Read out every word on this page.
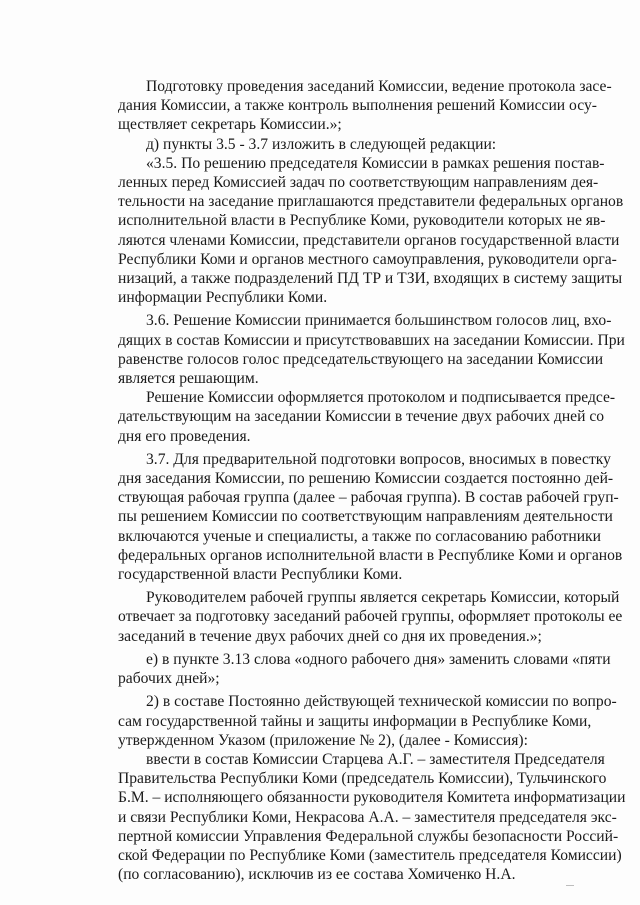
Подготовку проведения заседаний Комиссии, ведение протокола засе-
дания Комиссии, а также контроль выполнения решений Комиссии осу-
ществляет секретарь Комиссии.»;
д) пункты 3.5 - 3.7 изложить в следующей редакции:
«3.5. По решению председателя Комиссии в рамках решения постав-
ленных перед Комиссией задач по соответствующим направлениям дея-
тельности на заседание приглашаются представители федеральных органов
исполнительной власти в Республике Коми, руководители которых не яв-
ляются членами Комиссии, представители органов государственной власти
Республики Коми и органов местного самоуправления, руководители орга-
низаций, а также подразделений ПД ТР и ТЗИ, входящих в систему защиты
информации Республики Коми.
3.6. Решение Комиссии принимается большинством голосов лиц, вхо-
дящих в состав Комиссии и присутствовавших на заседании Комиссии. При
равенстве голосов голос председательствующего на заседании Комиссии
является решающим.
Решение Комиссии оформляется протоколом и подписывается предсе-
дательствующим на заседании Комиссии в течение двух рабочих дней со
дня его проведения.
3.7. Для предварительной подготовки вопросов, вносимых в повестку
дня заседания Комиссии, по решению Комиссии создается постоянно дей-
ствующая рабочая группа (далее – рабочая группа). В состав рабочей груп-
пы решением Комиссии по соответствующим направлениям деятельности
включаются ученые и специалисты, а также по согласованию работники
федеральных органов исполнительной власти в Республике Коми и органов
государственной власти Республики Коми.
Руководителем рабочей группы является секретарь Комиссии, который
отвечает за подготовку заседаний рабочей группы, оформляет протоколы ее
заседаний в течение двух рабочих дней со дня их проведения.»;
е) в пункте 3.13 слова «одного рабочего дня» заменить словами «пяти
рабочих дней»;
2) в составе Постоянно действующей технической комиссии по вопро-
сам государственной тайны и защиты информации в Республике Коми,
утвержденном Указом (приложение № 2), (далее - Комиссия):
ввести в состав Комиссии Старцева А.Г. – заместителя Председателя
Правительства Республики Коми (председатель Комиссии), Тульчинского
Б.М. – исполняющего обязанности руководителя Комитета информатизации
и связи Республики Коми, Некрасова А.А. – заместителя председателя экс-
пертной комиссии Управления Федеральной службы безопасности Россий-
ской Федерации по Республике Коми (заместитель председателя Комиссии)
(по согласованию), исключив из ее состава Хомиченко Н.А.
